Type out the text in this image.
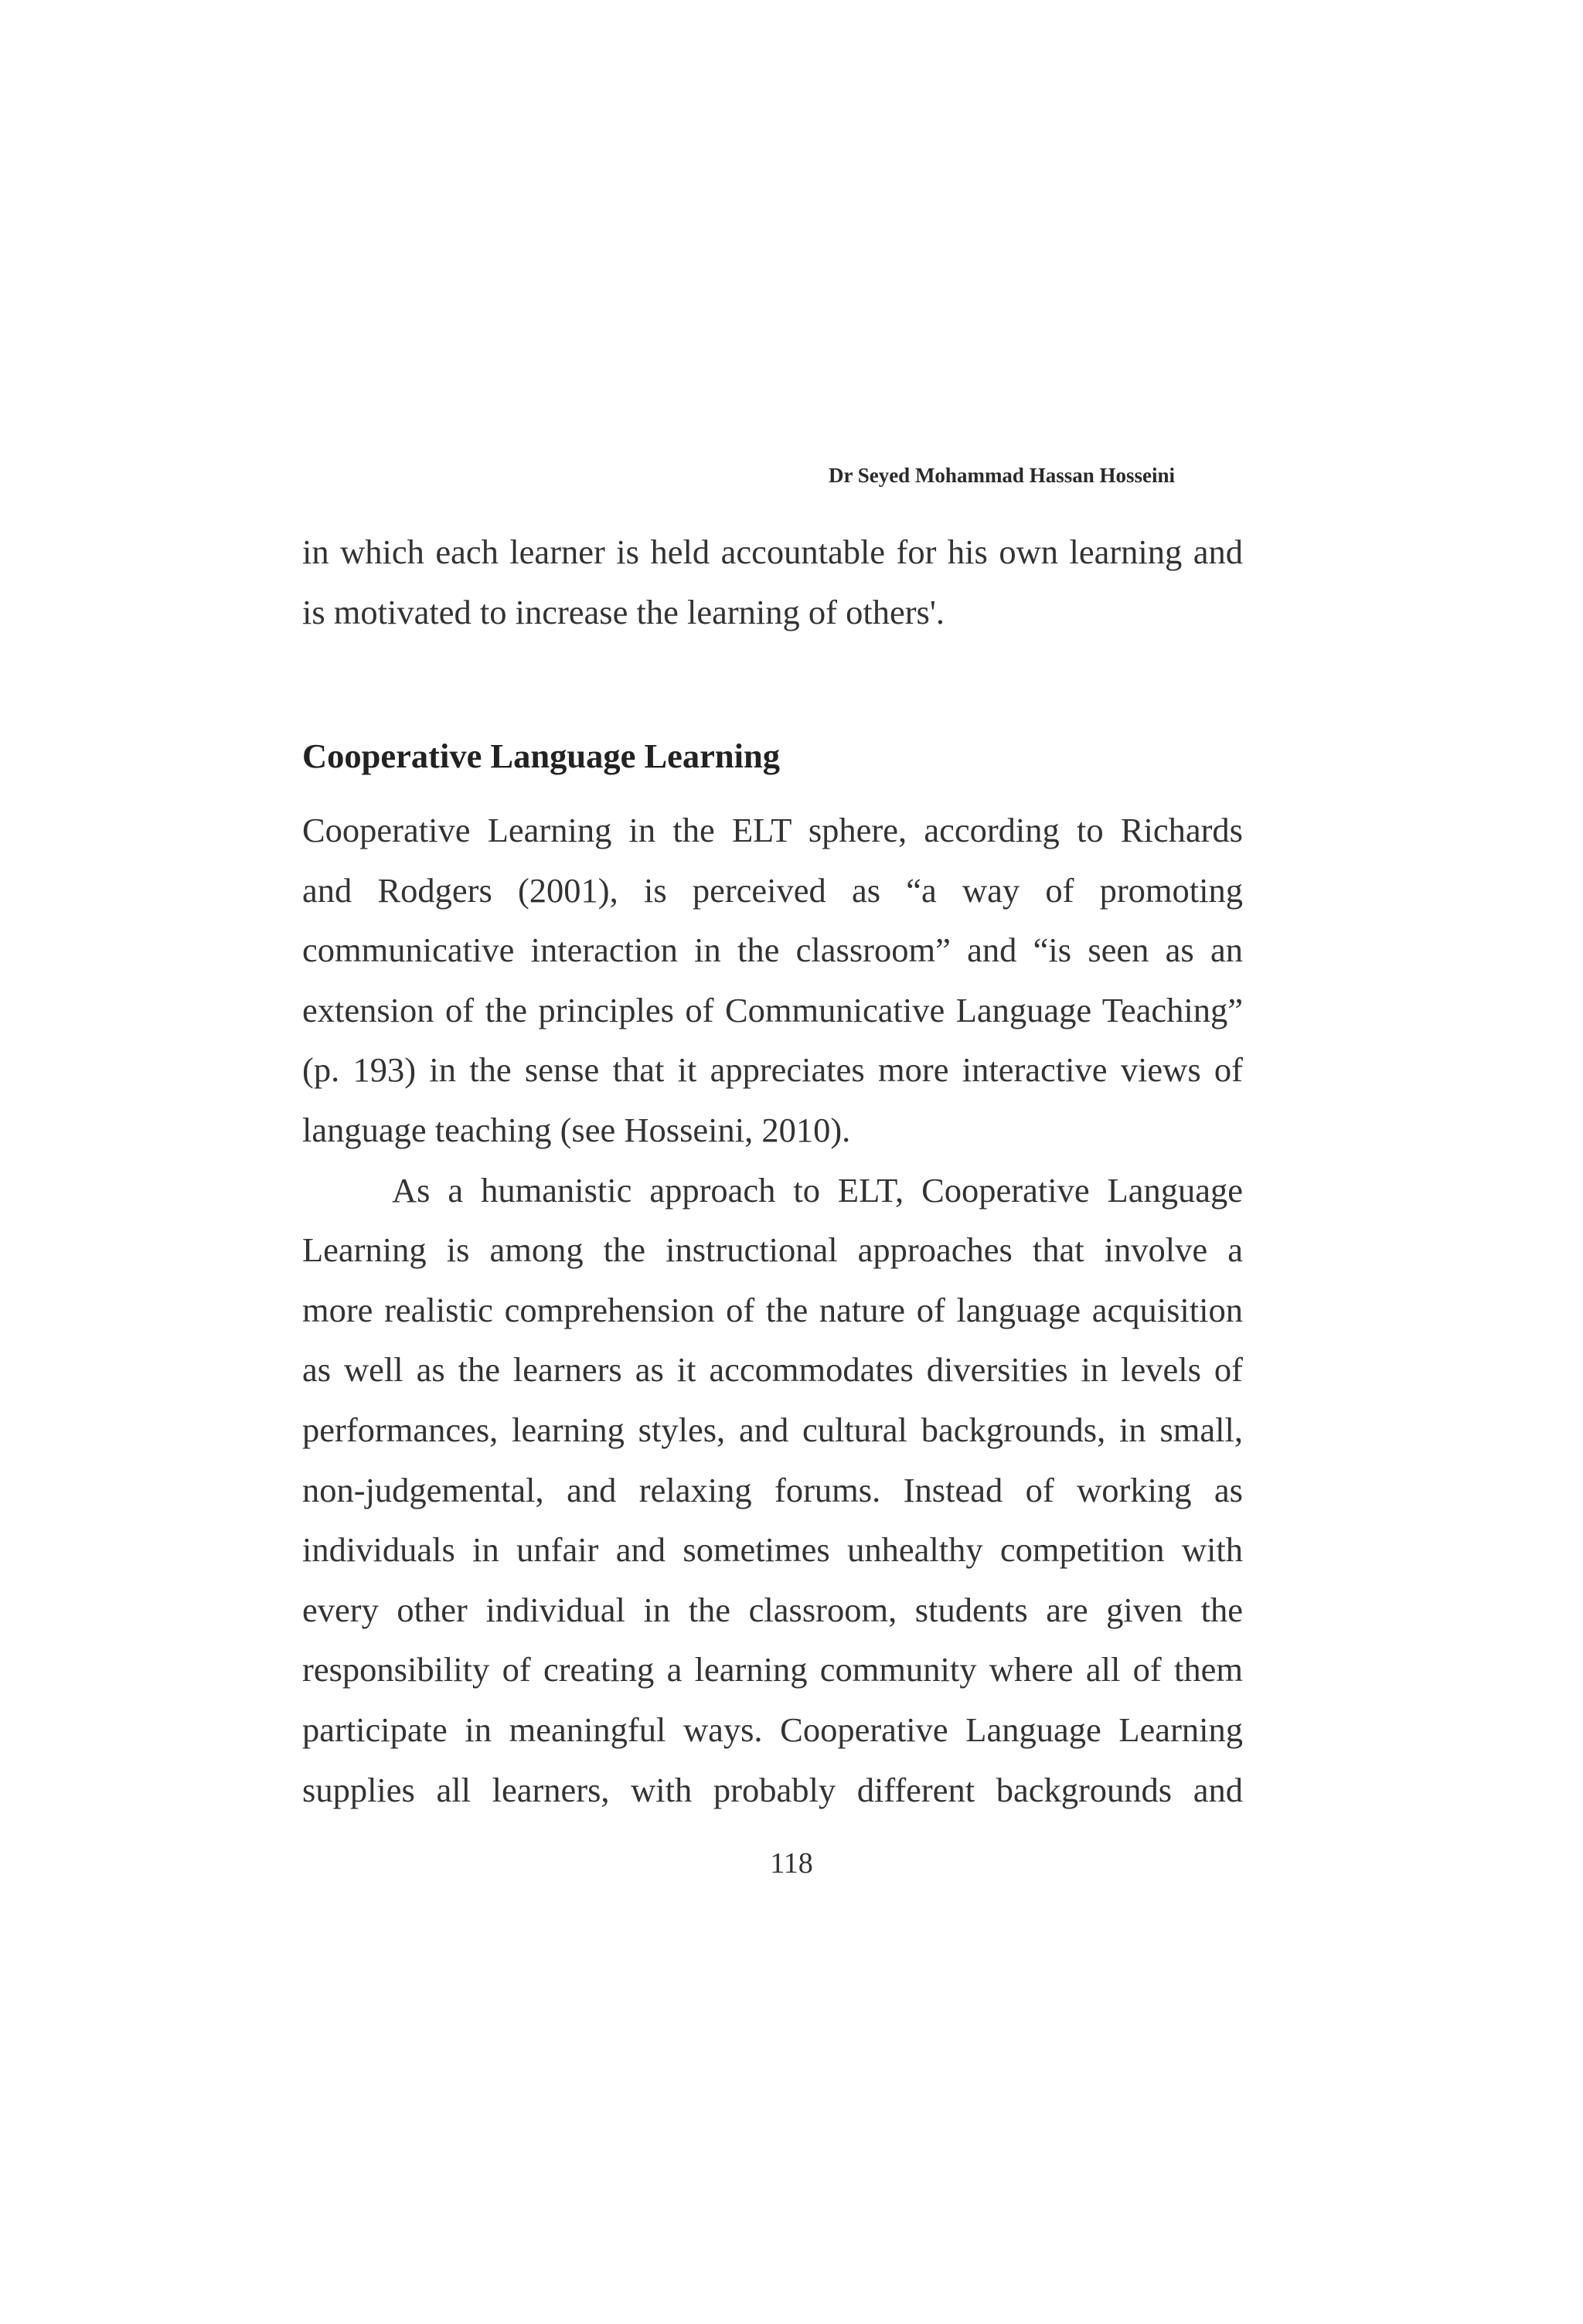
Dr Seyed Mohammad Hassan Hosseini
in which each learner is held accountable for his own learning and
is motivated to increase the learning of others'.
Cooperative Language Learning
Cooperative Learning in the ELT sphere, according to Richards
and Rodgers (2001), is perceived as “a way of promoting
communicative interaction in the classroom” and “is seen as an
extension of the principles of Communicative Language Teaching”
(p. 193) in the sense that it appreciates more interactive views of
language teaching (see Hosseini, 2010).
As a humanistic approach to ELT, Cooperative Language
Learning is among the instructional approaches that involve a
more realistic comprehension of the nature of language acquisition
as well as the learners as it accommodates diversities in levels of
performances, learning styles, and cultural backgrounds, in small,
non-judgemental, and relaxing forums. Instead of working as
individuals in unfair and sometimes unhealthy competition with
every other individual in the classroom, students are given the
responsibility of creating a learning community where all of them
participate in meaningful ways. Cooperative Language Learning
supplies all learners, with probably different backgrounds and
118
